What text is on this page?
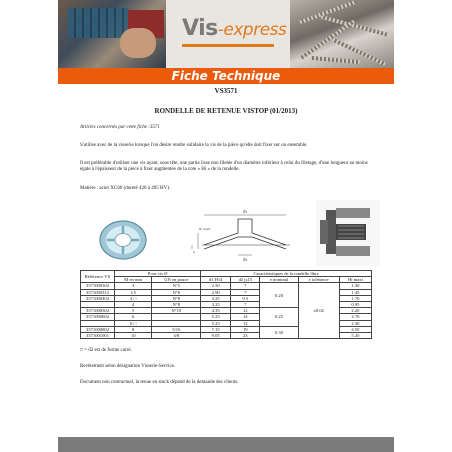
Vis-express
Fiche Technique
VS3571
RONDELLE DE RETENUE VISTOP (01/2013)
Articles concernés par cette fiche :3571
S'utilise avec de la visserie lorsque l'on désire rendre solidaire la vis de la pièce qu'elle doit fixer sur un ensemble.
Il est préférable d'utiliser une vis ayant, sous tête, une partie lisse non filetée d'un diamètre inférieur à celui du filetage, d'une longueur au moins égale à l'épaisseur de la pièce à fixer augmentée de la cote « Hi » de la rondelle.
Matière : acier XC60 (dureté 420 à 495 HV).
d₁
d₂
e
Hi maxi
Référence VS	Pour vis Ø		Caractéristiques de la rondelle libre				
	M en mm	UN en pouce	d1 H14	d2 js15	e nominal	e tolérance	Hi maxi
3571000302	3	N°5	2.50	7	0.20	±0.02	1.30
3571000312	3.5	N°6	2.90	7			1.45
3571000402	4 □	N°8	3.25	9.5			1.70
	4	N°8	3.25	7			0.95
3571000502	5	N°10	4.35	12	0.25		2.20
3571000602	6		5.25	14			2.70
	6 □		5.25	12			2.30
3571000802	8	5/16	7.15	19	0.30		4.50
3571001001	10	3/8	9.05	23			5.20
□ = d2 est de forme carré.
Revêtement selon désignation Visserie-Service.
Document non contractuel, la tenue en stock dépend de la demande des clients.
